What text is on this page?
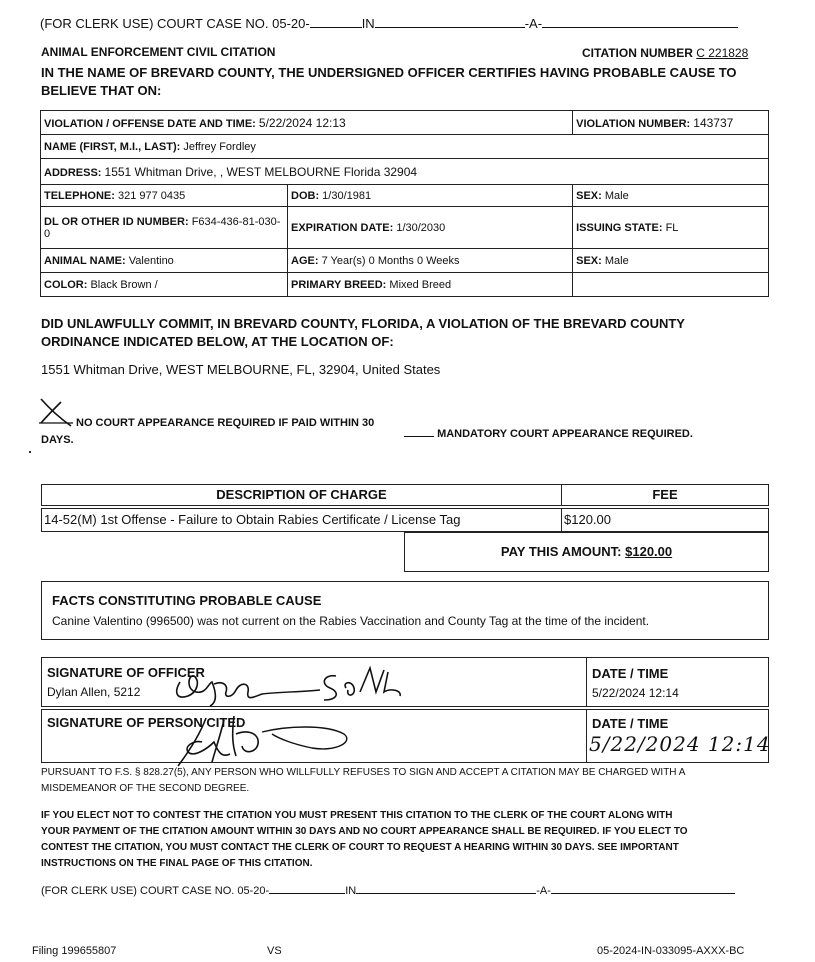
(FOR CLERK USE) COURT CASE NO. 05-20-	IN	-A-
ANIMAL ENFORCEMENT CIVIL CITATION	CITATION NUMBER C 221828
IN THE NAME OF BREVARD COUNTY, THE UNDERSIGNED OFFICER CERTIFIES HAVING PROBABLE CAUSE TO
BELIEVE THAT ON:
VIOLATION / OFFENSE DATE AND TIME: 5/22/2024 12:13		VIOLATION NUMBER: 143737
NAME (FIRST, M.I., LAST): Jeffrey Fordley		
ADDRESS: 1551 Whitman Drive, , WEST MELBOURNE Florida 32904		
TELEPHONE: 321 977 0435	DOB: 1/30/1981	SEX: Male
DL OR OTHER ID NUMBER: F634-436-81-030-0	EXPIRATION DATE: 1/30/2030	ISSUING STATE: FL
ANIMAL NAME: Valentino	AGE: 7 Year(s) 0 Months 0 Weeks	SEX: Male
COLOR: Black Brown /	PRIMARY BREED: Mixed Breed	
DID UNLAWFULLY COMMIT, IN BREVARD COUNTY, FLORIDA, A VIOLATION OF THE BREVARD COUNTY
ORDINANCE INDICATED BELOW, AT THE LOCATION OF:
1551 Whitman Drive, WEST MELBOURNE, FL, 32904, United States
NO COURT APPEARANCE REQUIRED IF PAID WITHIN 30
DAYS.	MANDATORY COURT APPEARANCE REQUIRED.
DESCRIPTION OF CHARGE	FEE
14-52(M) 1st Offense - Failure to Obtain Rabies Certificate / License Tag	$120.00
PAY THIS AMOUNT: $120.00
FACTS CONSTITUTING PROBABLE CAUSE
Canine Valentino (996500) was not current on the Rabies Vaccination and County Tag at the time of the incident.
SIGNATURE OF OFFICER
Dylan Allen, 5212
DATE / TIME
5/22/2024 12:14
SIGNATURE OF PERSON CITED	DATE / TIME
5/22/2024 12:14
PURSUANT TO F.S. § 828.27(5), ANY PERSON WHO WILLFULLY REFUSES TO SIGN AND ACCEPT A CITATION MAY BE CHARGED WITH A
MISDEMEANOR OF THE SECOND DEGREE.
IF YOU ELECT NOT TO CONTEST THE CITATION YOU MUST PRESENT THIS CITATION TO THE CLERK OF THE COURT ALONG WITH
YOUR PAYMENT OF THE CITATION AMOUNT WITHIN 30 DAYS AND NO COURT APPEARANCE SHALL BE REQUIRED. IF YOU ELECT TO
CONTEST THE CITATION, YOU MUST CONTACT THE CLERK OF COURT TO REQUEST A HEARING WITHIN 30 DAYS. SEE IMPORTANT
INSTRUCTIONS ON THE FINAL PAGE OF THIS CITATION.
(FOR CLERK USE) COURT CASE NO. 05-20-	IN	-A-
Filing 199655807	VS	05-2024-IN-033095-AXXX-BC
